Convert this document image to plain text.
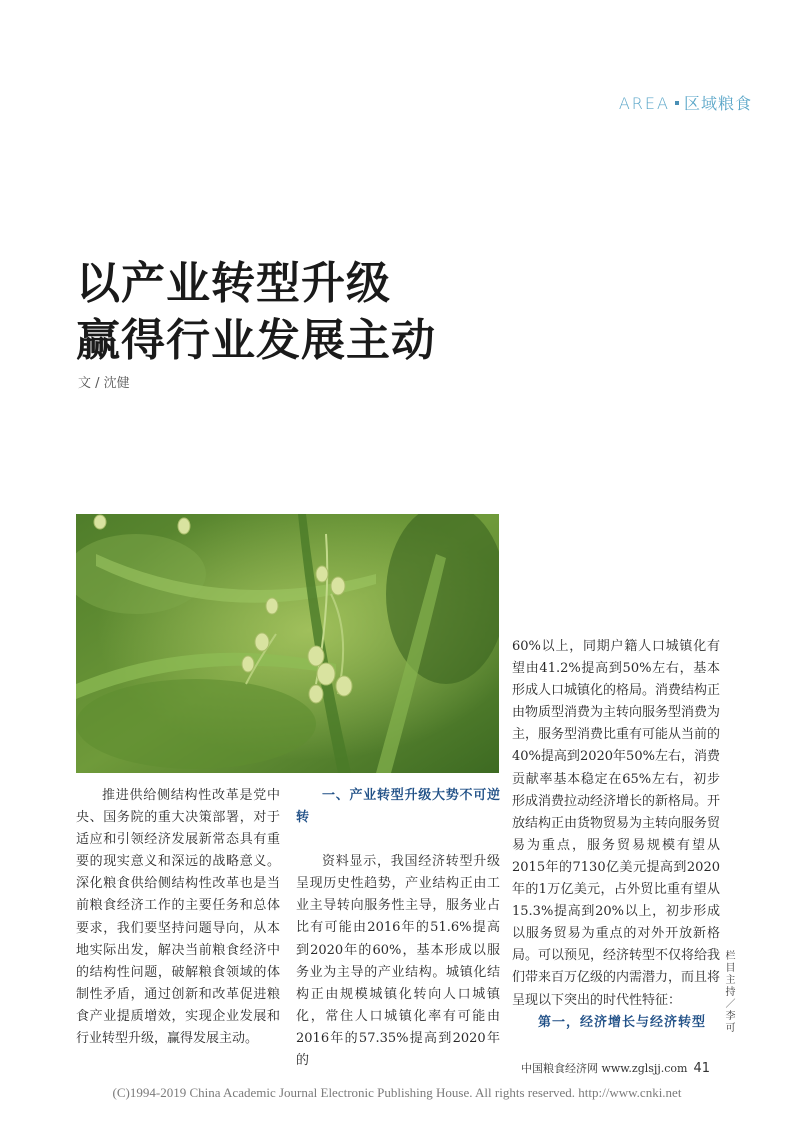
AREA 区域粮食
以产业转型升级
赢得行业发展主动
文 / 沈健

推进供给侧结构性改革是党中央、国务院的重大决策部署，对于适应和引领经济发展新常态具有重要的现实意义和深远的战略意义。深化粮食供给侧结构性改革也是当前粮食经济工作的主要任务和总体要求，我们要坚持问题导向，从本地实际出发，解决当前粮食经济中的结构性问题，破解粮食领域的体制性矛盾，通过创新和改革促进粮食产业提质增效，实现企业发展和行业转型升级，赢得发展主动。

一、产业转型升级大势不可逆转

资料显示，我国经济转型升级呈现历史性趋势，产业结构正由工业主导转向服务性主导，服务业占比有可能由2016年的51.6%提高到2020年的60%，基本形成以服务业为主导的产业结构。城镇化结构正由规模城镇化转向人口城镇化，常住人口城镇化率有可能由2016年的57.35%提高到2020年的

60%以上，同期户籍人口城镇化有望由41.2%提高到50%左右，基本形成人口城镇化的格局。消费结构正由物质型消费为主转向服务型消费为主，服务型消费比重有可能从当前的40%提高到2020年50%左右，消费贡献率基本稳定在65%左右，初步形成消费拉动经济增长的新格局。开放结构正由货物贸易为主转向服务贸易为重点，服务贸易规模有望从2015年的7130亿美元提高到2020年的1万亿美元，占外贸比重有望从15.3%提高到20%以上，初步形成以服务贸易为重点的对外开放新格局。可以预见，经济转型不仅将给我们带来百万亿级的内需潜力，而且将呈现以下突出的时代性特征：

第一，经济增长与经济转型	栏目主持／李可
中国粮食经济网 www.zglsjj.com 41
(C)1994-2019 China Academic Journal Electronic Publishing House. All rights reserved. http://www.cnki.net
